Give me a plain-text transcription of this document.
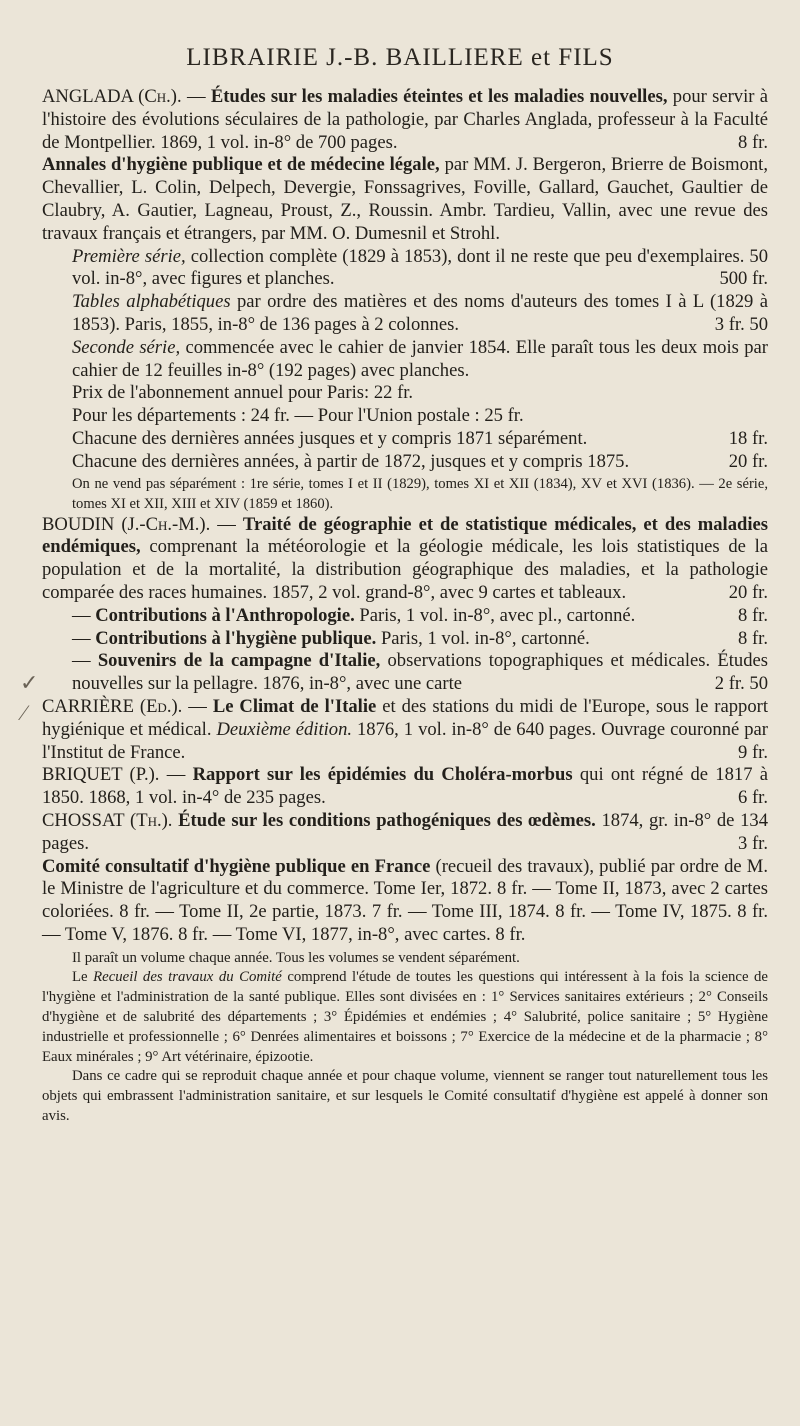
LIBRAIRIE J.-B. BAILLIERE et FILS

ANGLADA (Ch.). — Études sur les maladies éteintes et les maladies nouvelles, pour servir à l'histoire des évolutions séculaires de la pathologie, par Charles Anglada, professeur à la Faculté de Montpellier. 1869, 1 vol. in-8° de 700 pages.	8 fr.

Annales d'hygiène publique et de médecine légale, par MM. J. Bergeron, Brierre de Boismont, Chevallier, L. Colin, Delpech, Devergie, Fonssagrives, Foville, Gallard, Gauchet, Gaultier de Claubry, A. Gautier, Lagneau, Proust, Z., Roussin. Ambr. Tardieu, Vallin, avec une revue des travaux français et étrangers, par MM. O. Dumesnil et Strohl.

Première série, collection complète (1829 à 1853), dont il ne reste que peu d'exemplaires. 50 vol. in-8°, avec figures et planches.	500 fr.

Tables alphabétiques par ordre des matières et des noms d'auteurs des tomes I à L (1829 à 1853). Paris, 1855, in-8° de 136 pages à 2 colonnes.	3 fr. 50

Seconde série, commencée avec le cahier de janvier 1854. Elle paraît tous les deux mois par cahier de 12 feuilles in-8° (192 pages) avec planches.

Prix de l'abonnement annuel pour Paris: 22 fr.

Pour les départements : 24 fr. — Pour l'Union postale : 25 fr.

Chacune des dernières années jusques et y compris 1871 séparément.	18 fr.

Chacune des dernières années, à partir de 1872, jusques et y compris 1875.	20 fr.

On ne vend pas séparément : 1re série, tomes I et II (1829), tomes XI et XII (1834), XV et XVI (1836). — 2e série, tomes XI et XII, XIII et XIV (1859 et 1860).

BOUDIN (J.-Ch.-M.). — Traité de géographie et de statistique médicales, et des maladies endémiques, comprenant la météorologie et la géologie médicale, les lois statistiques de la population et de la mortalité, la distribution géographique des maladies, et la pathologie comparée des races humaines. 1857, 2 vol. grand-8°, avec 9 cartes et tableaux.	20 fr.

— Contributions à l'Anthropologie. Paris, 1 vol. in-8°, avec pl., cartonné.	8 fr.

— Contributions à l'hygiène publique. Paris, 1 vol. in-8°, cartonné.	8 fr.

— Souvenirs de la campagne d'Italie, observations topographiques et médicales. Études nouvelles sur la pellagre. 1876, in-8°, avec une carte	2 fr. 50

CARRIÈRE (Ed.). — Le Climat de l'Italie et des stations du midi de l'Europe, sous le rapport hygiénique et médical. Deuxième édition. 1876, 1 vol. in-8° de 640 pages. Ouvrage couronné par l'Institut de France.	9 fr.

BRIQUET (P.). — Rapport sur les épidémies du Choléra-morbus qui ont régné de 1817 à 1850. 1868, 1 vol. in-4° de 235 pages.	6 fr.

CHOSSAT (Th.). Étude sur les conditions pathogéniques des œdèmes. 1874, gr. in-8° de 134 pages.	3 fr.

Comité consultatif d'hygiène publique en France (recueil des travaux), publié par ordre de M. le Ministre de l'agriculture et du commerce. Tome Ier, 1872. 8 fr. — Tome II, 1873, avec 2 cartes coloriées. 8 fr. — Tome II, 2e partie, 1873. 7 fr. — Tome III, 1874. 8 fr. — Tome IV, 1875. 8 fr. — Tome V, 1876. 8 fr. — Tome VI, 1877, in-8°, avec cartes. 8 fr.

Il paraît un volume chaque année. Tous les volumes se vendent séparément.

Le Recueil des travaux du Comité comprend l'étude de toutes les questions qui intéressent à la fois la science de l'hygiène et l'administration de la santé publique. Elles sont divisées en : 1° Services sanitaires extérieurs ; 2° Conseils d'hygiène et de salubrité des départements ; 3° Épidémies et endémies ; 4° Salubrité, police sanitaire ; 5° Hygiène industrielle et professionnelle ; 6° Denrées alimentaires et boissons ; 7° Exercice de la médecine et de la pharmacie ; 8° Eaux minérales ; 9° Art vétérinaire, épizootie.

Dans ce cadre qui se reproduit chaque année et pour chaque volume, viennent se ranger tout naturellement tous les objets qui embrassent l'administration sanitaire, et sur lesquels le Comité consultatif d'hygiène est appelé à donner son avis.

✓
⁄
